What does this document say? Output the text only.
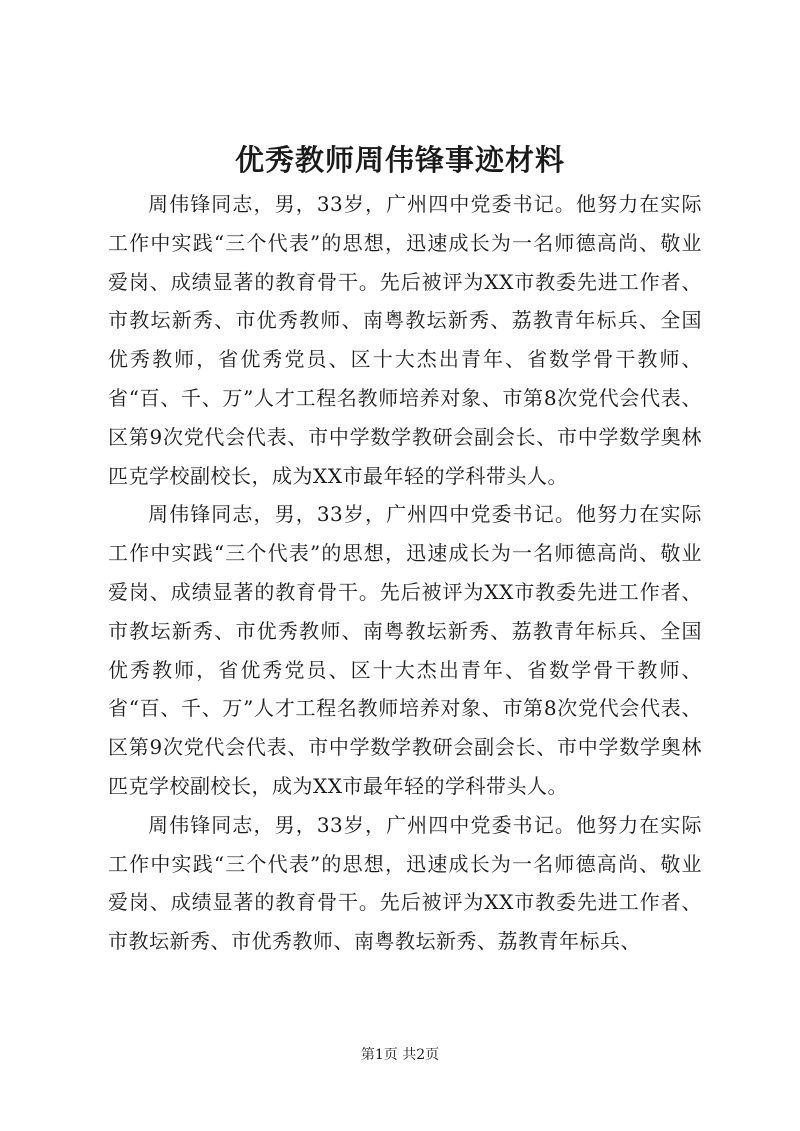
优秀教师周伟锋事迹材料

周伟锋同志，男，33岁，广州四中党委书记。他努力在实际工作中实践“三个代表”的思想，迅速成长为一名师德高尚、敬业爱岗、成绩显著的教育骨干。先后被评为XX市教委先进工作者、市教坛新秀、市优秀教师、南粤教坛新秀、荔教青年标兵、全国优秀教师，省优秀党员、区十大杰出青年、省数学骨干教师、省“百、千、万”人才工程名教师培养对象、市第8次党代会代表、区第9次党代会代表、市中学数学教研会副会长、市中学数学奥林匹克学校副校长，成为XX市最年轻的学科带头人。

周伟锋同志，男，33岁，广州四中党委书记。他努力在实际工作中实践“三个代表”的思想，迅速成长为一名师德高尚、敬业爱岗、成绩显著的教育骨干。先后被评为XX市教委先进工作者、市教坛新秀、市优秀教师、南粤教坛新秀、荔教青年标兵、全国优秀教师，省优秀党员、区十大杰出青年、省数学骨干教师、省“百、千、万”人才工程名教师培养对象、市第8次党代会代表、区第9次党代会代表、市中学数学教研会副会长、市中学数学奥林匹克学校副校长，成为XX市最年轻的学科带头人。

周伟锋同志，男，33岁，广州四中党委书记。他努力在实际工作中实践“三个代表”的思想，迅速成长为一名师德高尚、敬业爱岗、成绩显著的教育骨干。先后被评为XX市教委先进工作者、市教坛新秀、市优秀教师、南粤教坛新秀、荔教青年标兵、

第1页 共2页
